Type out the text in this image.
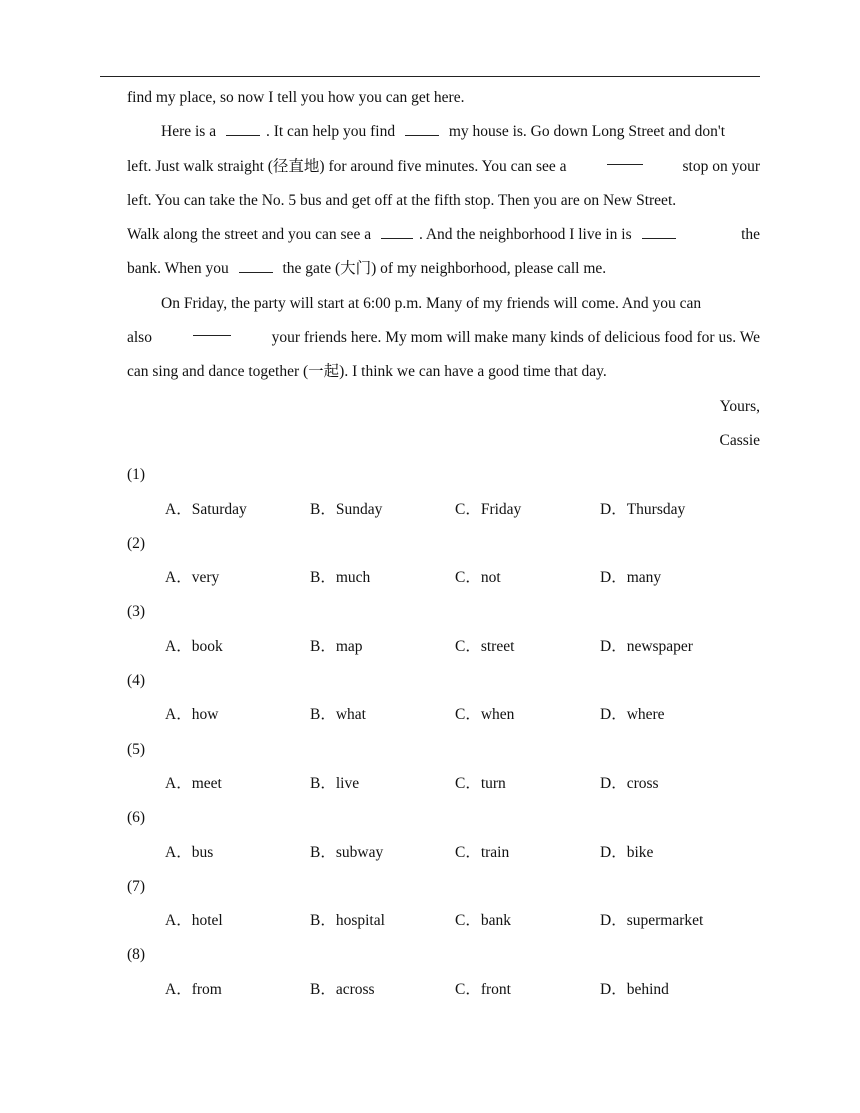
find my place, so now I tell you how you can get here.
Here is a	. It can help you find	my house is. Go down Long Street and don't
left. Just walk straight (径直地) for around five minutes. You can see a	stop on your
left. You can take the No. 5 bus and get off at the fifth stop. Then you are on New Street.
Walk along the street and you can see a	. And the neighborhood I live in is	the
bank. When you	the gate (大门) of my neighborhood, please call me.
On Friday, the party will start at 6:00 p.m. Many of my friends will come. And you can
also	your friends here. My mom will make many kinds of delicious food for us. We
can sing and dance together (一起). I think we can have a good time that day.
Yours,
Cassie
(1)
A．Saturday	B．Sunday	C．Friday	D．Thursday
(2)
A．very	B．much	C．not	D．many
(3)
A．book	B．map	C．street	D．newspaper
(4)
A．how	B．what	C．when	D．where
(5)
A．meet	B．live	C．turn	D．cross
(6)
A．bus	B．subway	C．train	D．bike
(7)
A．hotel	B．hospital	C．bank	D．supermarket
(8)
A．from	B．across	C．front	D．behind
